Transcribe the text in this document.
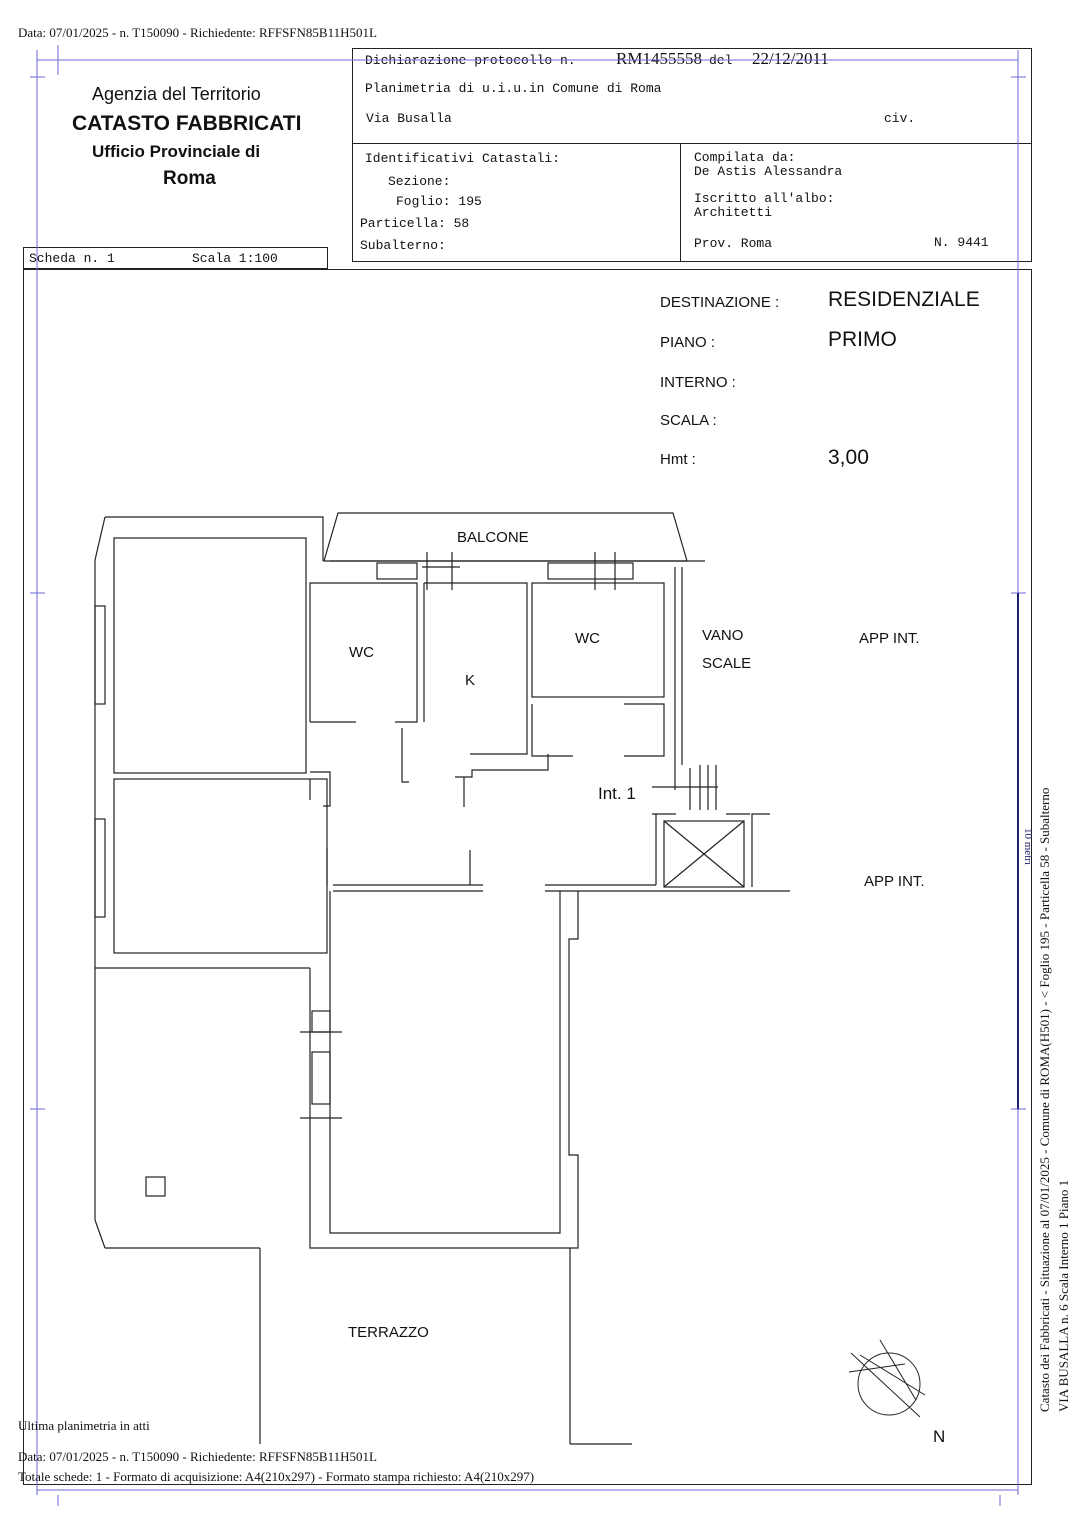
Data: 07/01/2025 - n. T150090 - Richiedente: RFFSFN85B11H501L
Agenzia del Territorio
CATASTO FABBRICATI
Ufficio Provinciale di
Roma
Scheda n. 1	Scala 1:100
Dichiarazione protocollo n. RM1455558 del 22/12/2011
Planimetria di u.i.u.in Comune di Roma
Via Busalla	civ.
Identificativi Catastali:
Sezione:
Foglio: 195
Particella: 58
Subalterno:
Compilata da:
De Astis Alessandra
Iscritto all'albo:
Architetti
Prov. Roma	N. 9441
DESTINAZIONE : RESIDENZIALE
PIANO :	PRIMO
INTERNO :
SCALA :
Hmt :	3,00
BALCONE
WC
K
WC	VANO
SCALE
APP INT.
APP INT.
Int. 1
TERRAZZO
N
Catasto dei Fabbricati - Situazione al 07/01/2025 - Comune di ROMA(H501) - < Foglio 195 - Particella 58 - Subalterno VIA BUSALLA n. 6 Scala Interno 1 Piano 1
10 metri
Ultima planimetria in atti
Data: 07/01/2025 - n. T150090 - Richiedente: RFFSFN85B11H501L
Totale schede: 1 - Formato di acquisizione: A4(210x297) - Formato stampa richiesto: A4(210x297)
